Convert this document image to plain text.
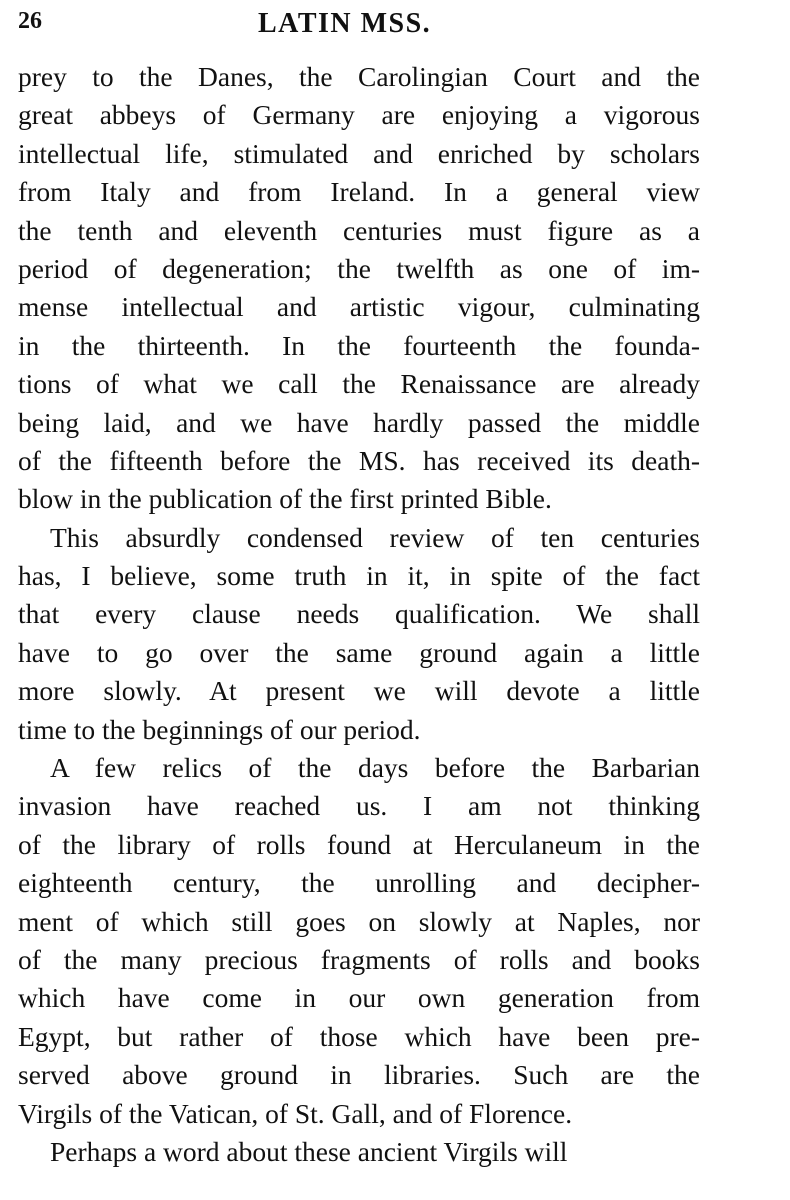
26	LATIN MSS.
prey to the Danes, the Carolingian Court and the
great abbeys of Germany are enjoying a vigorous
intellectual life, stimulated and enriched by scholars
from Italy and from Ireland. In a general view
the tenth and eleventh centuries must figure as a
period of degeneration; the twelfth as one of im-
mense intellectual and artistic vigour, culminating
in the thirteenth. In the fourteenth the founda-
tions of what we call the Renaissance are already
being laid, and we have hardly passed the middle
of the fifteenth before the MS. has received its death-
blow in the publication of the first printed Bible.
This absurdly condensed review of ten centuries
has, I believe, some truth in it, in spite of the fact
that every clause needs qualification. We shall
have to go over the same ground again a little
more slowly. At present we will devote a little
time to the beginnings of our period.
A few relics of the days before the Barbarian
invasion have reached us. I am not thinking
of the library of rolls found at Herculaneum in the
eighteenth century, the unrolling and decipher-
ment of which still goes on slowly at Naples, nor
of the many precious fragments of rolls and books
which have come in our own generation from
Egypt, but rather of those which have been pre-
served above ground in libraries. Such are the
Virgils of the Vatican, of St. Gall, and of Florence.
Perhaps a word about these ancient Virgils will
